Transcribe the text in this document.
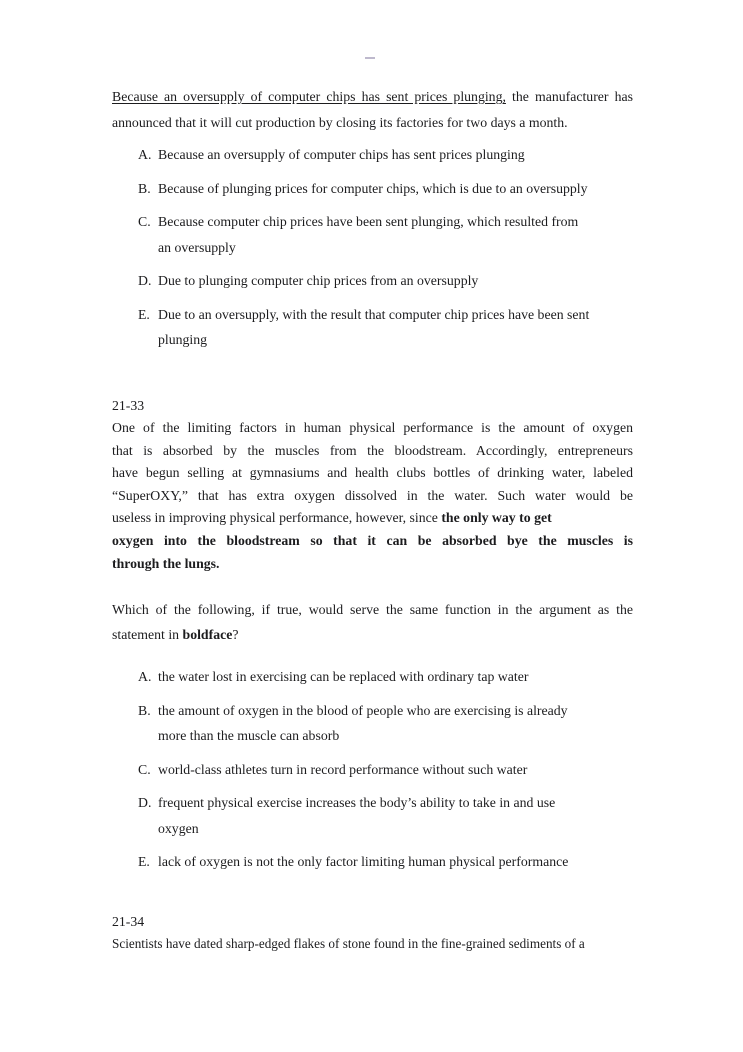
Because an oversupply of computer chips has sent prices plunging, the manufacturer has
announced that it will cut production by closing its factories for two days a month.
A. Because an oversupply of computer chips has sent prices plunging
B. Because of plunging prices for computer chips, which is due to an oversupply
C. Because computer chip prices have been sent plunging, which resulted from
an oversupply
D. Due to plunging computer chip prices from an oversupply
E. Due to an oversupply, with the result that computer chip prices have been sent
plunging
21-33
One of the limiting factors in human physical performance is the amount of oxygen
that is absorbed by the muscles from the bloodstream. Accordingly, entrepreneurs
have begun selling at gymnasiums and health clubs bottles of drinking water, labeled
“SuperOXY,” that has extra oxygen dissolved in the water. Such water would be
useless in improving physical performance, however, since the only way to get
oxygen into the bloodstream so that it can be absorbed bye the muscles is
through the lungs.
Which of the following, if true, would serve the same function in the argument as the
statement in boldface?
A. the water lost in exercising can be replaced with ordinary tap water
B. the amount of oxygen in the blood of people who are exercising is already
more than the muscle can absorb
C. world-class athletes turn in record performance without such water
D. frequent physical exercise increases the body’s ability to take in and use
oxygen
E. lack of oxygen is not the only factor limiting human physical performance
21-34
Scientists have dated sharp-edged flakes of stone found in the fine-grained sediments of a
